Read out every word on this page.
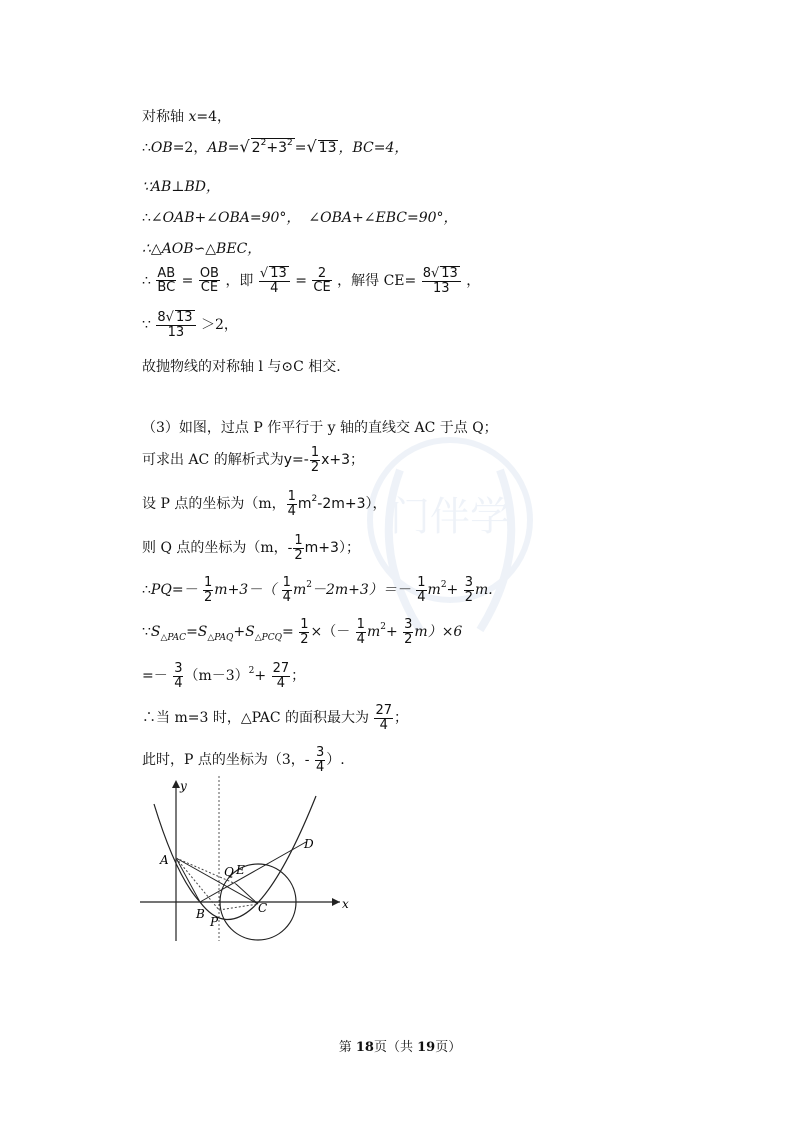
门伴学
对称轴 x=4，
∴OB=2，AB=√ $2^2+3^2$ =√ 13 ，BC=4，
∵AB⊥BD，
∴∠OAB+∠OBA=90°， ∠OBA+∠EBC=90°，
∴△AOB∽△BEC，
∴ $\frac{AB}{BC} = \frac{OB}{CE}$ ，即 $\frac{√ 13}{4} = \frac{2}{CE}$ ，解得 $CE= \frac{8√ 13}{13}$ ，
∵ $\frac{8√ 13}{13} >2$，
故抛物线的对称轴 l 与⊙C 相交.
（3）如图，过点 P 作平行于 y 轴的直线交 AC 于点 Q；
可求出 AC 的解析式为$y=- \frac{1}{2} x+3$；
设 P 点的坐标为（m， $\frac{1}{4} m^2-2m+3$），
则 Q 点的坐标为（m，- $\frac{1}{2} m+3$）；
∴PQ=－ $\frac{1}{2} m+3-( \frac{1}{4} m^2-2m+3)=- \frac{1}{4} m^2+ \frac{3}{2} m$.
$\because S_{\triangle PAC}=S_{\triangle PAQ}+S_{\triangle PCQ}= \frac{1}{2}$ ×（－ $\frac{1}{4} m^2+ \frac{3}{2} m)\times 6$
=－ $\frac{3}{4} (m-3)^2+ \frac{27}{4}$ ；
∴当 m=3 时，△PAC 的面积最大为 $\frac{27}{4}$ ；
此时，P 点的坐标为（3，- $\frac{3}{4}$ ）.
y
x
A
B	C
D
E
Q
P
第 18页（共 19页）
